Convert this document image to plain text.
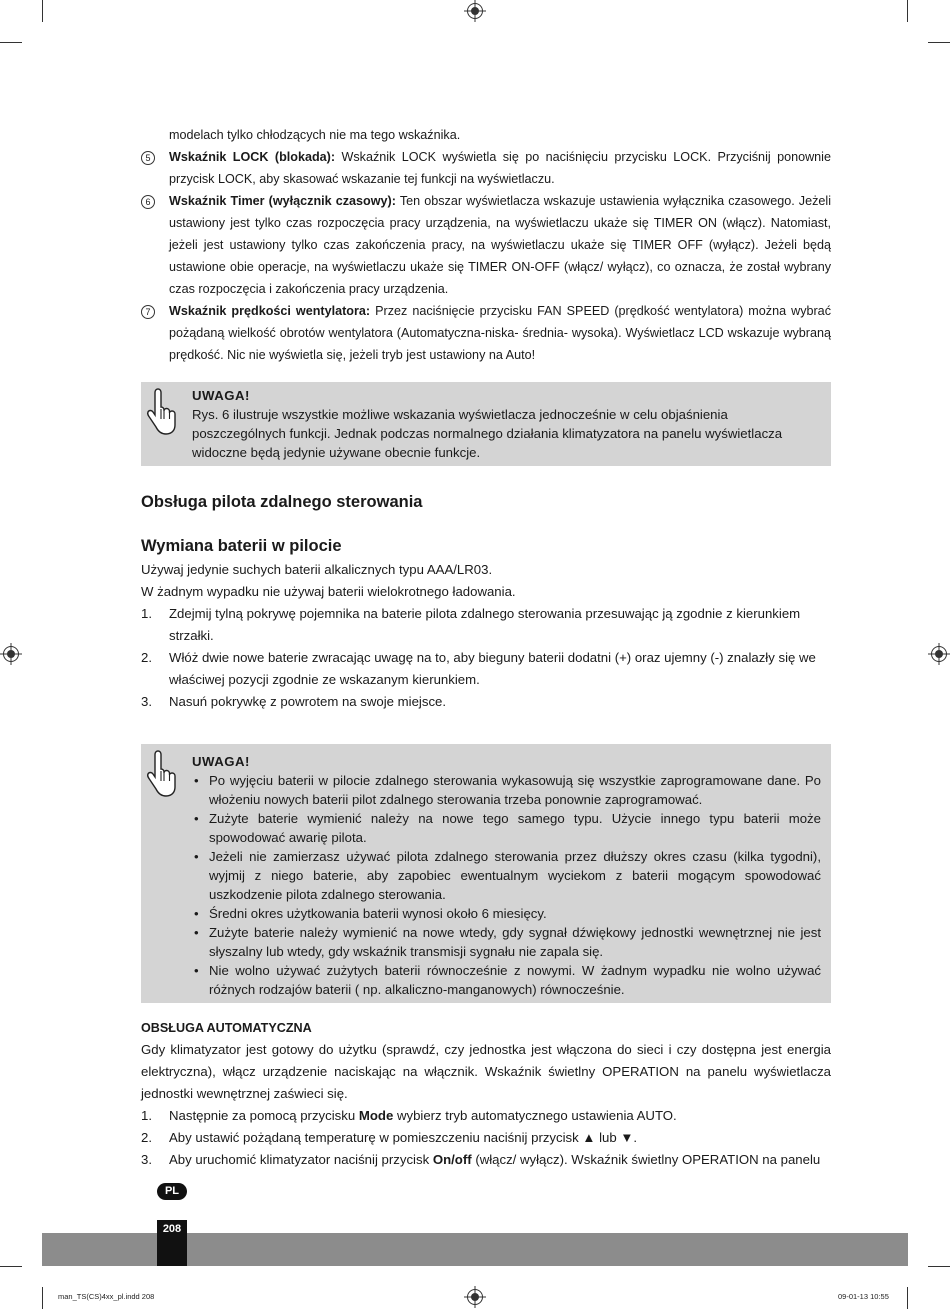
modelach tylko chłodzących nie ma tego wskaźnika.
5	Wskaźnik LOCK (blokada): Wskaźnik LOCK wyświetla się po naciśnięciu przycisku LOCK. Przyciśnij ponownie przycisk LOCK, aby skasować wskazanie tej funkcji na wyświetlaczu.
6	Wskaźnik Timer (wyłącznik czasowy): Ten obszar wyświetlacza wskazuje ustawienia wyłącznika czasowego. Jeżeli ustawiony jest tylko czas rozpoczęcia pracy urządzenia, na wyświetlaczu ukaże się TIMER ON (włącz). Natomiast, jeżeli jest ustawiony tylko czas zakończenia pracy, na wyświetlaczu ukaże się TIMER OFF (wyłącz). Jeżeli będą ustawione obie operacje, na wyświetlaczu ukaże się TIMER ON-OFF (włącz/ wyłącz), co oznacza, że został wybrany czas rozpoczęcia i zakończenia pracy urządzenia.
7	Wskaźnik prędkości wentylatora: Przez naciśnięcie przycisku FAN SPEED (prędkość wentylatora) można wybrać pożądaną wielkość obrotów wentylatora (Automatyczna-niska- średnia- wysoka). Wyświetlacz LCD wskazuje wybraną prędkość. Nic nie wyświetla się, jeżeli tryb jest ustawiony na Auto!
UWAGA!
Rys. 6 ilustruje wszystkie możliwe wskazania wyświetlacza jednocześnie w celu objaśnienia poszczególnych funkcji. Jednak podczas normalnego działania klimatyzatora na panelu wyświetlacza widoczne będą jedynie używane obecnie funkcje.
Obsługa pilota zdalnego sterowania
Wymiana baterii w pilocie

Używaj jedynie suchych baterii alkalicznych typu AAA/LR03.

W żadnym wypadku nie używaj baterii wielokrotnego ładowania.

1.	Zdejmij tylną pokrywę pojemnika na baterie pilota zdalnego sterowania przesuwając ją zgodnie z kierunkiem strzałki.
2.	Włóż dwie nowe baterie zwracając uwagę na to, aby bieguny baterii dodatni (+) oraz ujemny (-) znalazły się we właściwej pozycji zgodnie ze wskazanym kierunkiem.
3.	Nasuń pokrywkę z powrotem na swoje miejsce.
UWAGA!
• Po wyjęciu baterii w pilocie zdalnego sterowania wykasowują się wszystkie zaprogramowane dane. Po włożeniu nowych baterii pilot zdalnego sterowania trzeba ponownie zaprogramować.
• Zużyte baterie wymienić należy na nowe tego samego typu. Użycie innego typu baterii może spowodować awarię pilota.
• Jeżeli nie zamierzasz używać pilota zdalnego sterowania przez dłuższy okres czasu (kilka tygodni), wyjmij z niego baterie, aby zapobiec ewentualnym wyciekom z baterii mogącym spowodować uszkodzenie pilota zdalnego sterowania.
• Średni okres użytkowania baterii wynosi około 6 miesięcy.
• Zużyte baterie należy wymienić na nowe wtedy, gdy sygnał dźwiękowy jednostki wewnętrznej nie jest słyszalny lub wtedy, gdy wskaźnik transmisji sygnału nie zapala się.
• Nie wolno używać zużytych baterii równocześnie z nowymi. W żadnym wypadku nie wolno używać różnych rodzajów baterii ( np. alkaliczno-manganowych) równocześnie.

OBSŁUGA AUTOMATYCZNA

Gdy klimatyzator jest gotowy do użytku (sprawdź, czy jednostka jest włączona do sieci i czy dostępna jest energia elektryczna), włącz urządzenie naciskając na włącznik. Wskaźnik świetlny OPERATION na panelu wyświetlacza jednostki wewnętrznej zaświeci się.

1.	Następnie za pomocą przycisku Mode wybierz tryb automatycznego ustawienia AUTO.
2.	Aby ustawić pożądaną temperaturę w pomieszczeniu naciśnij przycisk ▲ lub ▼.
3.	Aby uruchomić klimatyzator naciśnij przycisk On/off (włącz/ wyłącz). Wskaźnik świetlny OPERATION na panelu
PL
208
man_TS(CS)4xx_pl.indd 208	09-01-13 10:55
